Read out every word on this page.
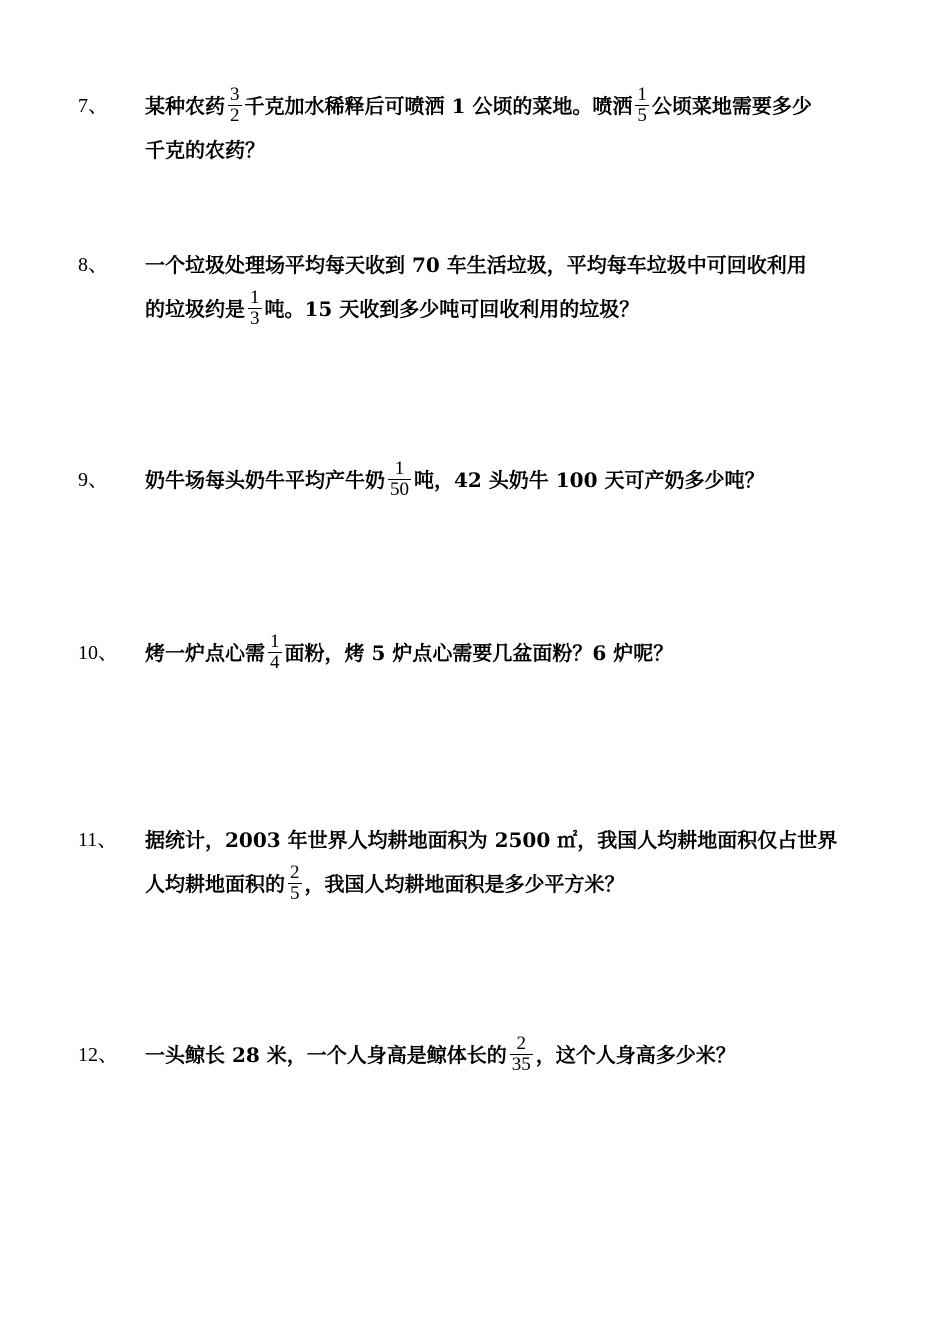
7、 某种农药 $\frac{3}{2}$ 千克加水稀释后可喷洒 1 公顷的菜地。喷洒 $\frac{1}{5}$ 公顷菜地需要多少
千克的农药？
8、 一个垃圾处理场平均每天收到 70 车生活垃圾，平均每车垃圾中可回收利用
的垃圾约是 $\frac{1}{3}$ 吨。15 天收到多少吨可回收利用的垃圾？
9、 奶牛场每头奶牛平均产牛奶 $\frac{1}{50}$ 吨，42 头奶牛 100 天可产奶多少吨？
10、 烤一炉点心需 $\frac{1}{4}$ 面粉，烤 5 炉点心需要几盆面粉？6 炉呢？
11、 据统计，2003 年世界人均耕地面积为 2500 ㎡，我国人均耕地面积仅占世界
人均耕地面积的 $\frac{2}{5}$ ，我国人均耕地面积是多少平方米？
12、 一头鲸长 28 米，一个人身高是鲸体长的 $\frac{2}{35}$ ，这个人身高多少米？
